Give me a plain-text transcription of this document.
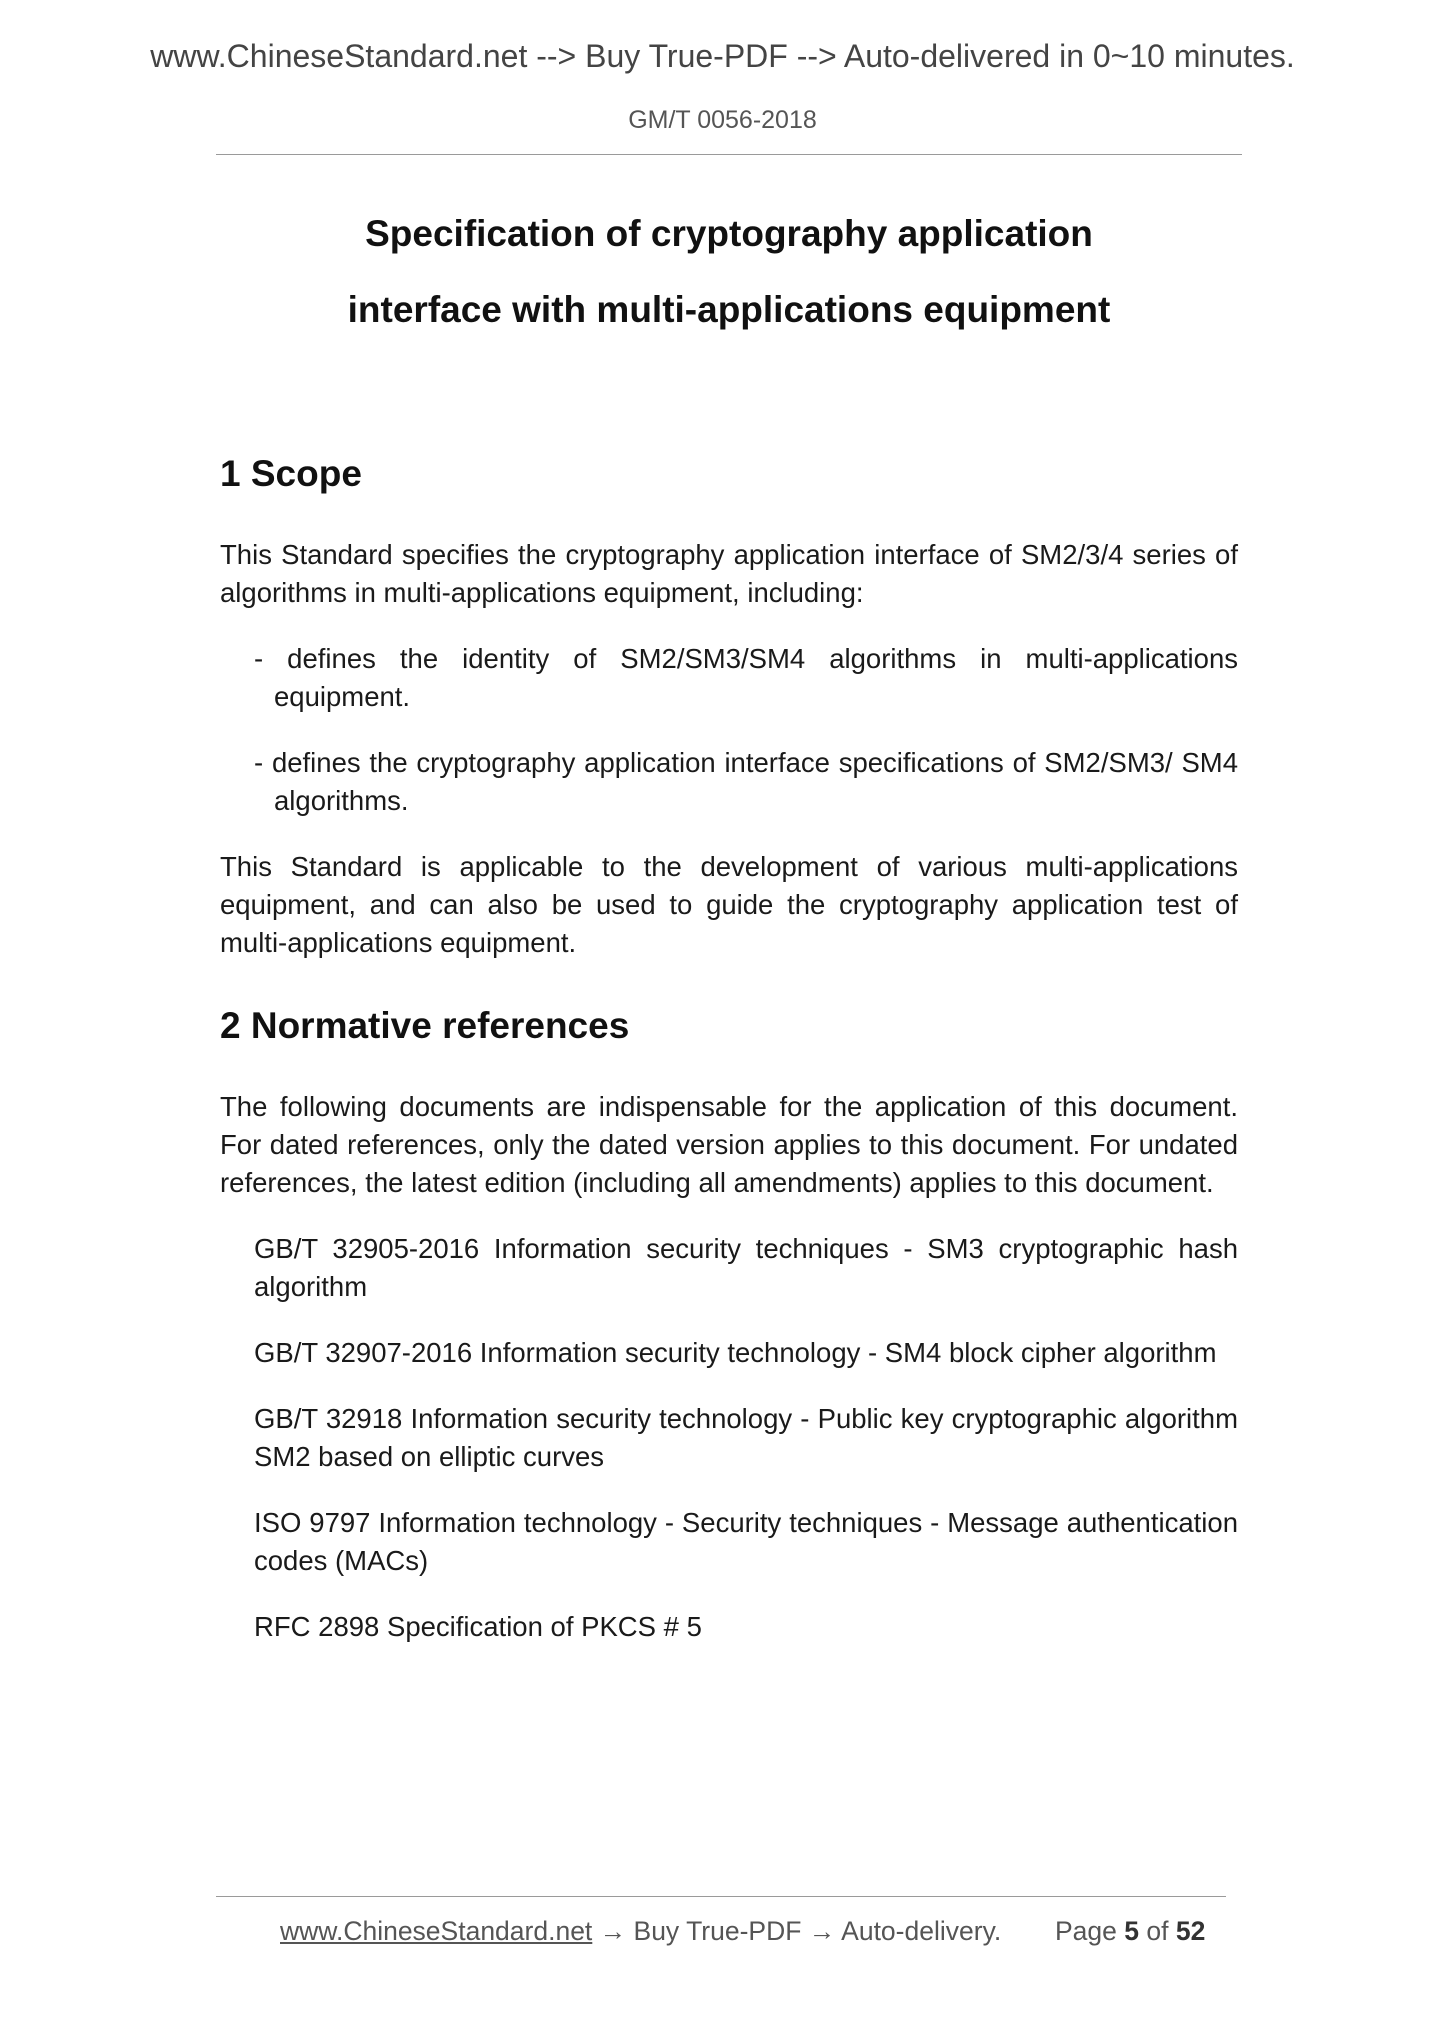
www.ChineseStandard.net --> Buy True-PDF --> Auto-delivered in 0~10 minutes.
GM/T 0056-2018
Specification of cryptography application
interface with multi-applications equipment
1 Scope

This Standard specifies the cryptography application interface of SM2/3/4 series of algorithms in multi-applications equipment, including:

- defines the identity of SM2/SM3/SM4 algorithms in multi-applications equipment.
- defines the cryptography application interface specifications of SM2/SM3/ SM4 algorithms.

This Standard is applicable to the development of various multi-applications equipment, and can also be used to guide the cryptography application test of multi-applications equipment.

2 Normative references

The following documents are indispensable for the application of this document. For dated references, only the dated version applies to this document. For undated references, the latest edition (including all amendments) applies to this document.

GB/T 32905-2016 Information security techniques - SM3 cryptographic hash algorithm
GB/T 32907-2016 Information security technology - SM4 block cipher algorithm
GB/T 32918 Information security technology - Public key cryptographic algorithm SM2 based on elliptic curves
ISO 9797 Information technology - Security techniques - Message authentication codes (MACs)
RFC 2898 Specification of PKCS # 5
www.ChineseStandard.net → Buy True-PDF → Auto-delivery. Page 5 of 52
